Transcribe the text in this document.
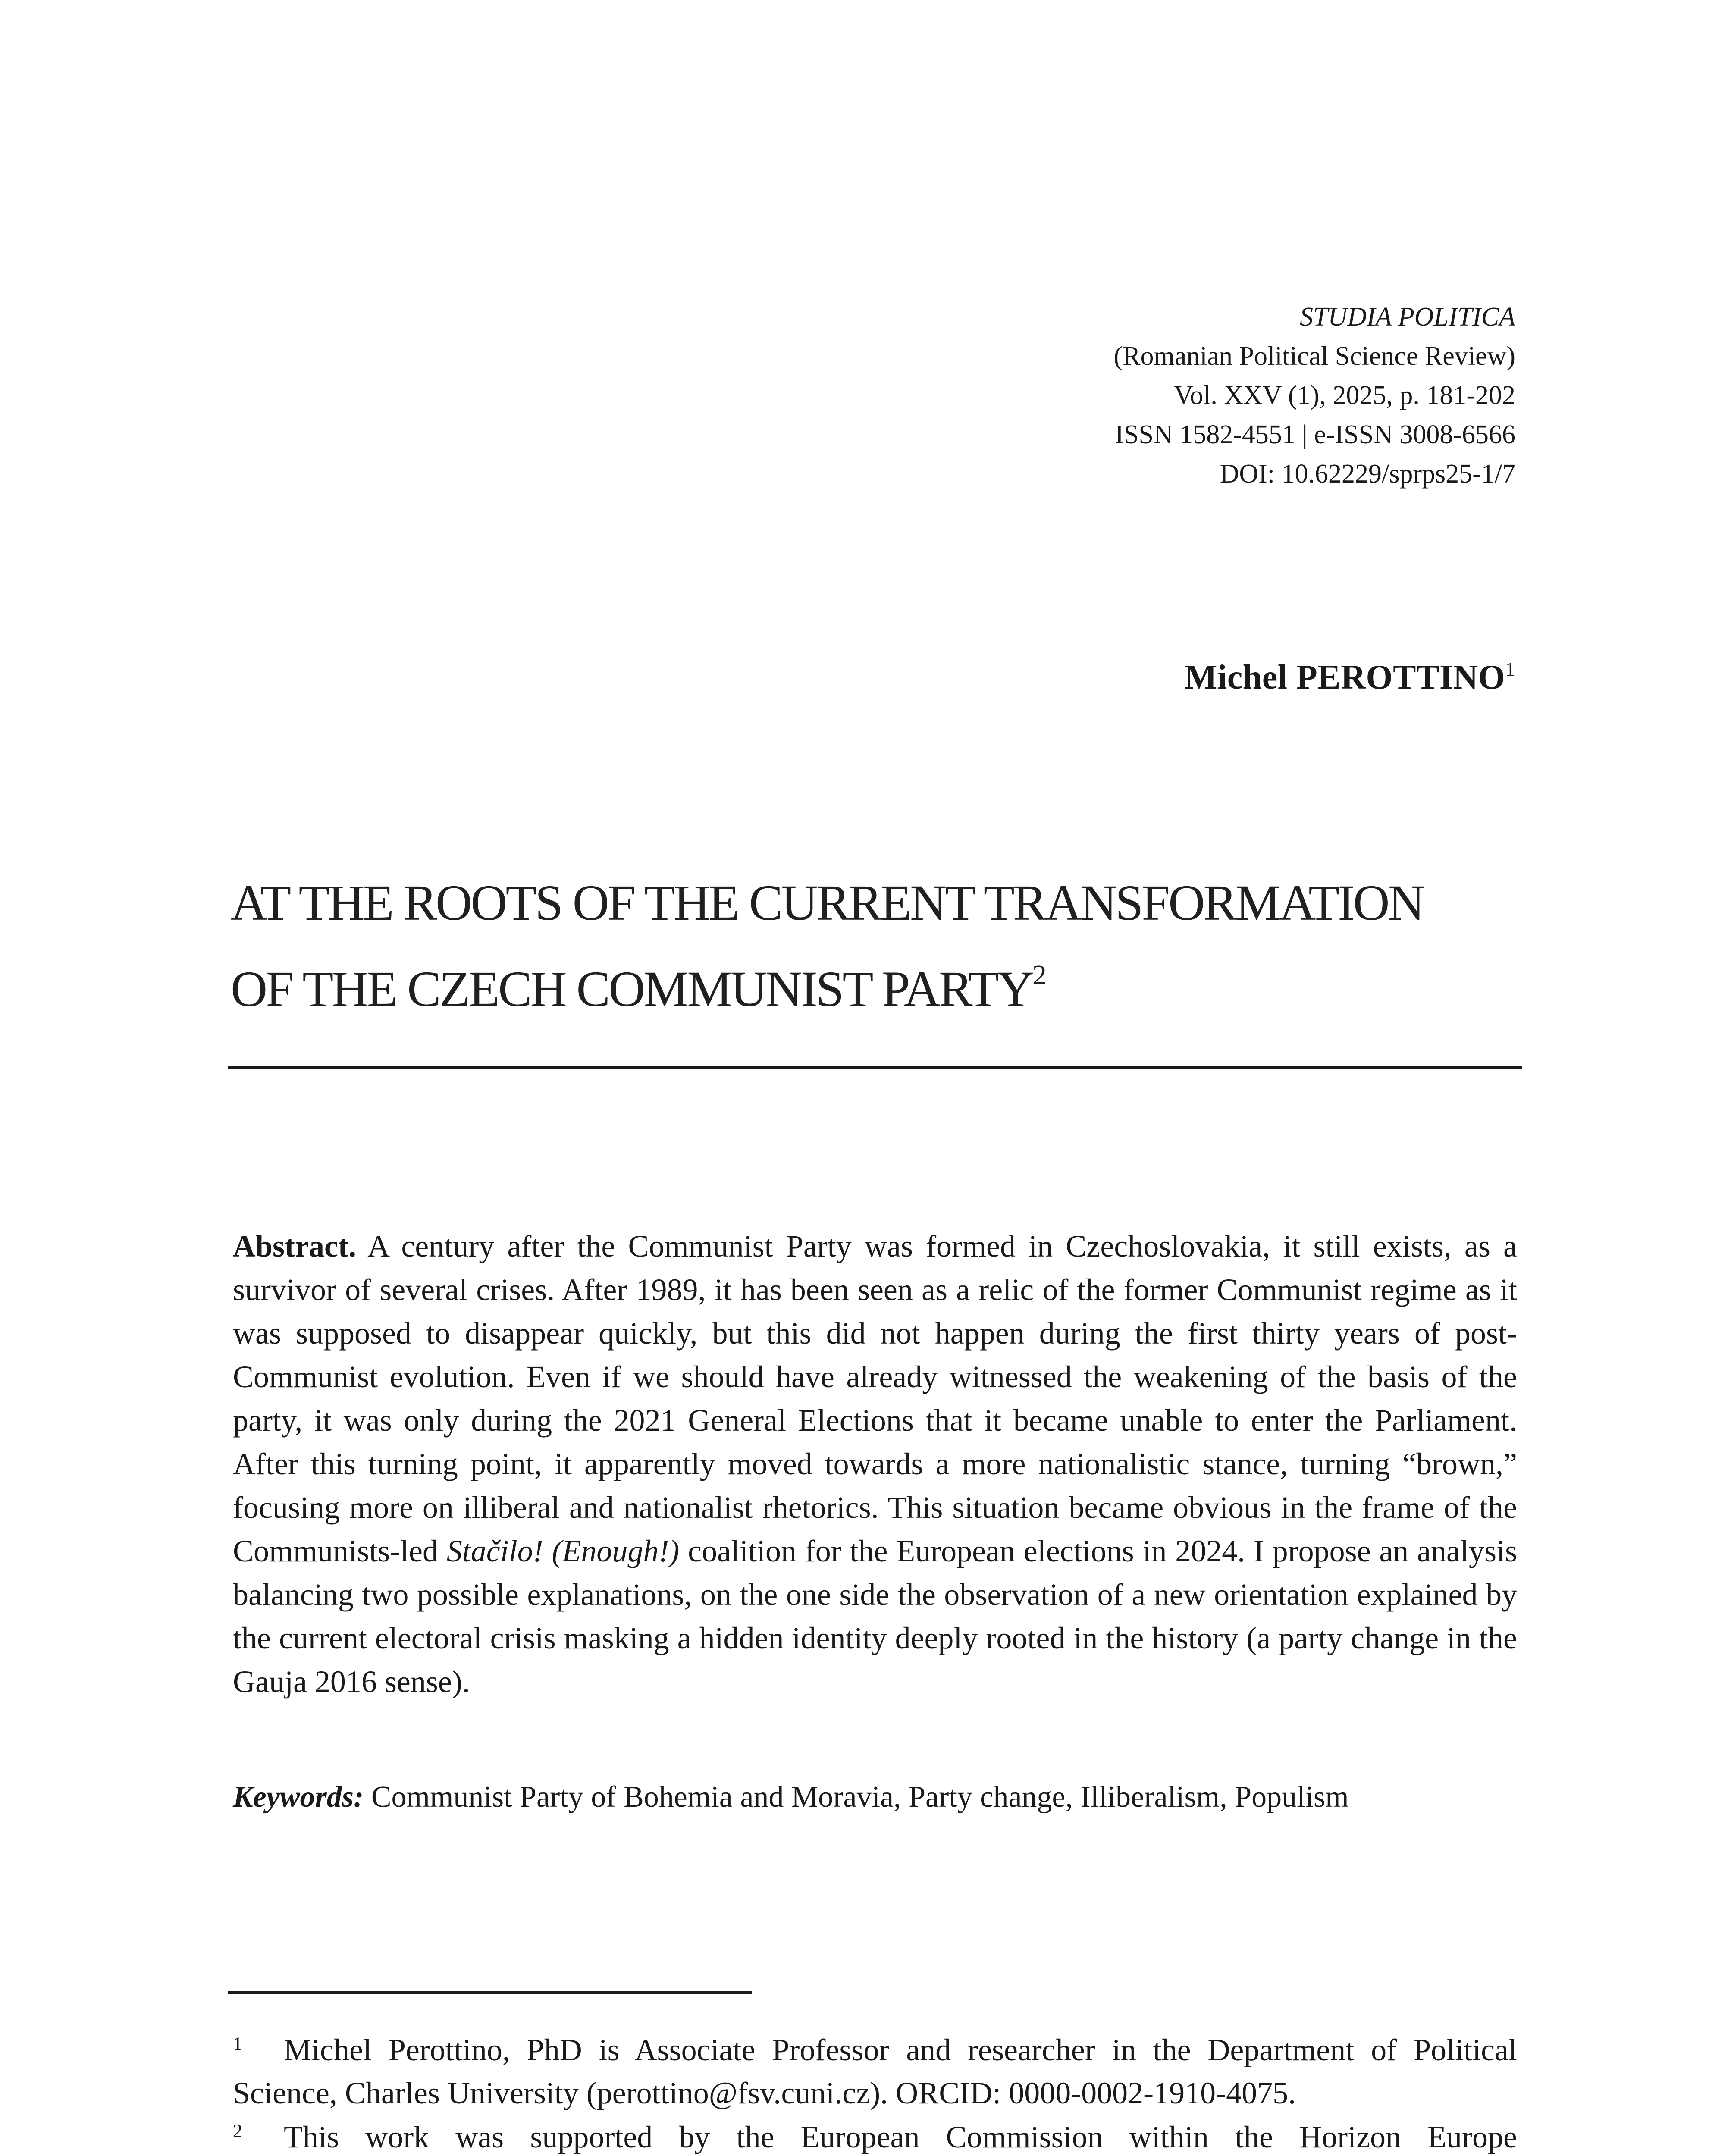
STUDIA POLITICA
(Romanian Political Science Review)
Vol. XXV (1), 2025, p. 181-202
ISSN 1582-4551 | e-ISSN 3008-6566
DOI: 10.62229/sprps25-1/7
Michel PEROTTINO$^1$
AT THE ROOTS OF THE CURRENT TRANSFORMATION
OF THE CZECH COMMUNIST PARTY$^2$
Abstract. A century after the Communist Party was formed in Czechoslovakia, it still exists, as a survivor of several crises. After 1989, it has been seen as a relic of the former Communist regime as it was supposed to disappear quickly, but this did not happen during the first thirty years of post-Communist evolution. Even if we should have already witnessed the weakening of the basis of the party, it was only during the 2021 General Elections that it became unable to enter the Parliament. After this turning point, it apparently moved towards a more nationalistic stance, turning “brown,” focusing more on illiberal and nationalist rhetorics. This situation became obvious in the frame of the Communists-led Stačilo! (Enough!) coalition for the European elections in 2024. I propose an analysis balancing two possible explanations, on the one side the observation of a new orientation explained by the current electoral crisis masking a hidden identity deeply rooted in the history (a party change in the Gauja 2016 sense).
Keywords: Communist Party of Bohemia and Moravia, Party change, Illiberalism, Populism
1 Michel Perottino, PhD is Associate Professor and researcher in the Department of Political Science, Charles University (perottino@fsv.cuni.cz). ORCID: 0000-0002-1910-4075.
2 This work was supported by the European Commission within the Horizon Europe
